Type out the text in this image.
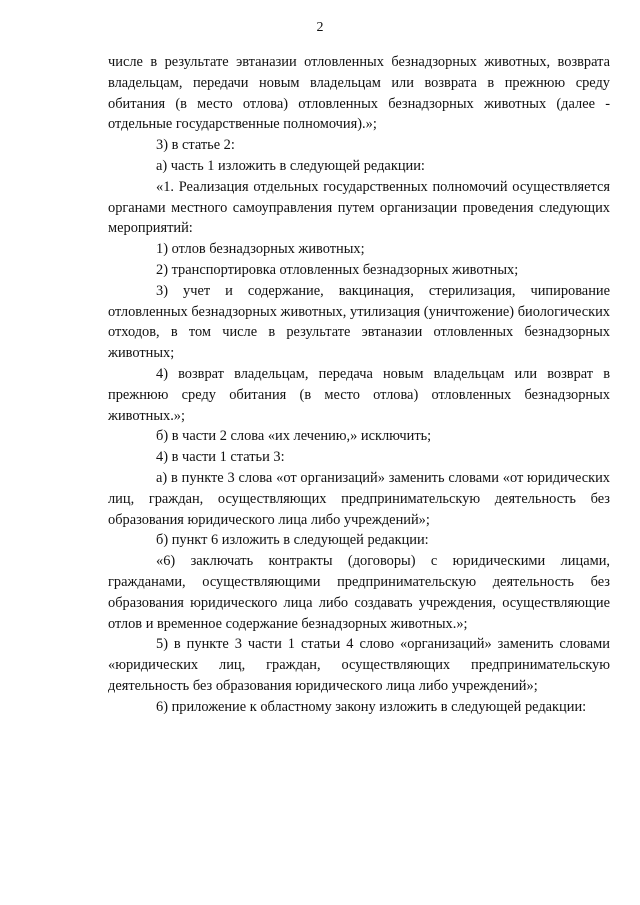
2

числе в результате эвтаназии отловленных безнадзорных животных, возврата владельцам, передачи новым владельцам или возврата в прежнюю среду обитания (в место отлова) отловленных безнадзорных животных (далее - отдельные государственные полномочия).»;

3) в статье 2:

а) часть 1 изложить в следующей редакции:

«1. Реализация отдельных государственных полномочий осуществляется органами местного самоуправления путем организации проведения следующих мероприятий:

1) отлов безнадзорных животных;

2) транспортировка отловленных безнадзорных животных;

3) учет и содержание, вакцинация, стерилизация, чипирование отловленных безнадзорных животных, утилизация (уничтожение) биологических отходов, в том числе в результате эвтаназии отловленных безнадзорных животных;

4) возврат владельцам, передача новым владельцам или возврат в прежнюю среду обитания (в место отлова) отловленных безнадзорных животных.»;

б) в части 2 слова «их лечению,» исключить;

4) в части 1 статьи 3:

а) в пункте 3 слова «от организаций» заменить словами «от юридических лиц, граждан, осуществляющих предпринимательскую деятельность без образования юридического лица либо учреждений»;

б) пункт 6 изложить в следующей редакции:

«6) заключать контракты (договоры) с юридическими лицами, гражданами, осуществляющими предпринимательскую деятельность без образования юридического лица либо создавать учреждения, осуществляющие отлов и временное содержание безнадзорных животных.»;

5) в пункте 3 части 1 статьи 4 слово «организаций» заменить словами «юридических лиц, граждан, осуществляющих предпринимательскую деятельность без образования юридического лица либо учреждений»;

6) приложение к областному закону изложить в следующей редакции:
